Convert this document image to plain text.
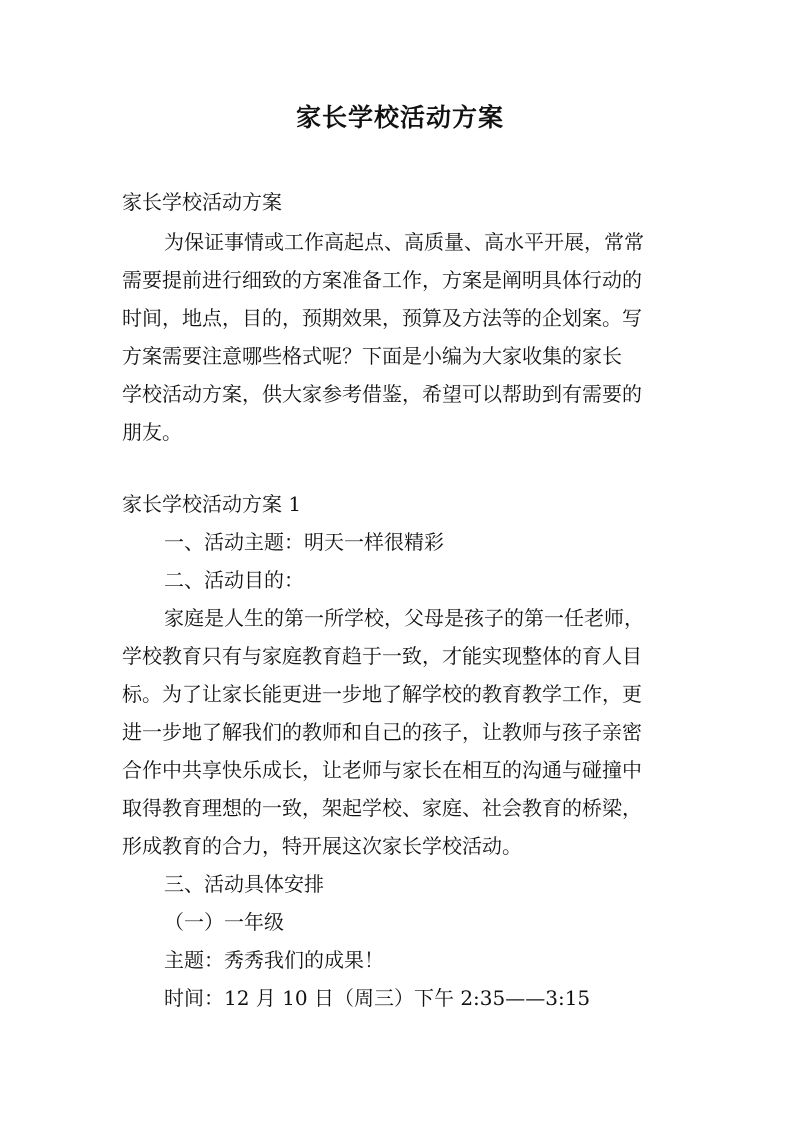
家长学校活动方案
家长学校活动方案
为保证事情或工作高起点、高质量、高水平开展，常常
需要提前进行细致的方案准备工作，方案是阐明具体行动的
时间，地点，目的，预期效果，预算及方法等的企划案。写
方案需要注意哪些格式呢？下面是小编为大家收集的家长
学校活动方案，供大家参考借鉴，希望可以帮助到有需要的
朋友。
家长学校活动方案 1
一、活动主题：明天一样很精彩
二、活动目的：
家庭是人生的第一所学校，父母是孩子的第一任老师，
学校教育只有与家庭教育趋于一致，才能实现整体的育人目
标。为了让家长能更进一步地了解学校的教育教学工作，更
进一步地了解我们的教师和自己的孩子，让教师与孩子亲密
合作中共享快乐成长，让老师与家长在相互的沟通与碰撞中
取得教育理想的一致，架起学校、家庭、社会教育的桥梁，
形成教育的合力，特开展这次家长学校活动。
三、活动具体安排
（一）一年级
主题：秀秀我们的成果！
时间：12 月 10 日（周三）下午 2:35——3:15
